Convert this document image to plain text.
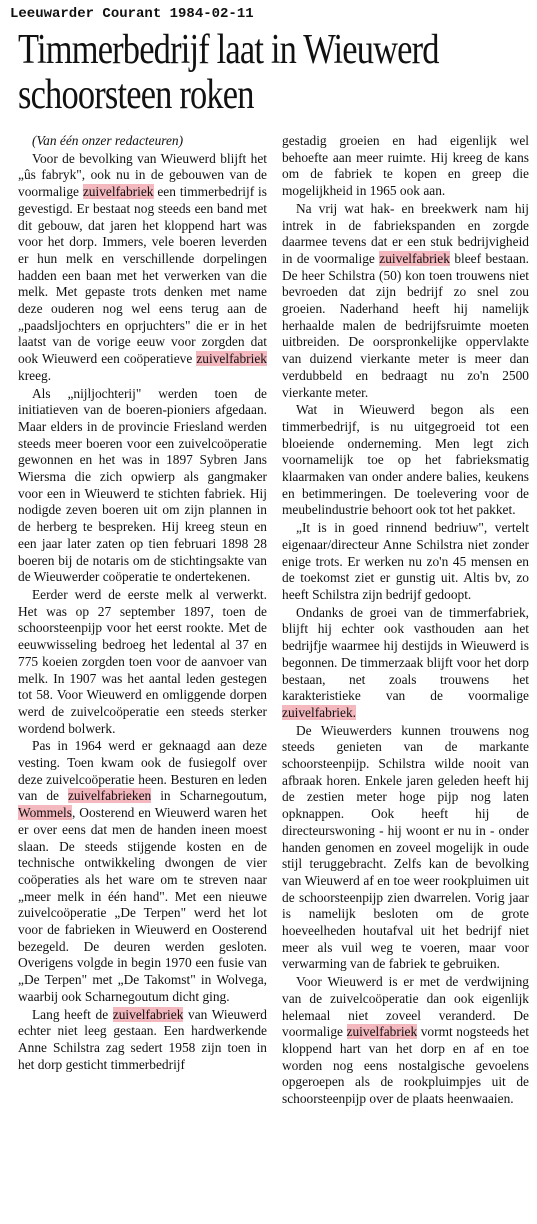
Leeuwarder Courant 1984-02-11
Timmerbedrijf laat in Wieuwerd schoorsteen roken

(Van één onzer redacteuren)

Voor de bevolking van Wieuwerd blijft het „ûs fabryk", ook nu in de gebouwen van de voormalige zuivelfabriek een timmerbedrijf is gevestigd. Er bestaat nog steeds een band met dit gebouw, dat jaren het kloppend hart was voor het dorp. Immers, vele boeren leverden er hun melk en verschillende dorpelingen hadden een baan met het verwerken van die melk. Met gepaste trots denken met name deze ouderen nog wel eens terug aan de „paadsljochters en oprjuchters" die er in het laatst van de vorige eeuw voor zorgden dat ook Wieuwerd een coöperatieve zuivelfabriek kreeg.

Als „nijljochterij" werden toen de initiatieven van de boeren-pioniers afgedaan. Maar elders in de provincie Friesland werden steeds meer boeren voor een zuivelcoöperatie gewonnen en het was in 1897 Sybren Jans Wiersma die zich opwierp als gangmaker voor een in Wieuwerd te stichten fabriek. Hij nodigde zeven boeren uit om zijn plannen in de herberg te bespreken. Hij kreeg steun en een jaar later zaten op tien februari 1898 28 boeren bij de notaris om de stichtingsakte van de Wieuwerder coöperatie te ondertekenen.

Eerder werd de eerste melk al verwerkt. Het was op 27 september 1897, toen de schoorsteenpijp voor het eerst rookte. Met de eeuwwisseling bedroeg het ledental al 37 en 775 koeien zorgden toen voor de aanvoer van melk. In 1907 was het aantal leden gestegen tot 58. Voor Wieuwerd en omliggende dorpen werd de zuivelcoöperatie een steeds sterker wordend bolwerk.

Pas in 1964 werd er geknaagd aan deze vesting. Toen kwam ook de fusiegolf over deze zuivelcoöperatie heen. Besturen en leden van de zuivelfabrieken in Scharnegoutum, Wommels, Oosterend en Wieuwerd waren het er over eens dat men de handen ineen moest slaan. De steeds stijgende kosten en de technische ontwikkeling dwongen de vier coöperaties als het ware om te streven naar „meer melk in één hand". Met een nieuwe zuivelcoöperatie „De Terpen" werd het lot voor de fabrieken in Wieuwerd en Oosterend bezegeld. De deuren werden gesloten. Overigens volgde in begin 1970 een fusie van „De Terpen" met „De Takomst" in Wolvega, waarbij ook Scharnegoutum dicht ging.

Lang heeft de zuivelfabriek van Wieuwerd echter niet leeg gestaan. Een hardwerkende Anne Schilstra zag sedert 1958 zijn toen in het dorp gesticht timmerbedrijf

gestadig groeien en had eigenlijk wel behoefte aan meer ruimte. Hij kreeg de kans om de fabriek te kopen en greep die mogelijkheid in 1965 ook aan.

Na vrij wat hak- en breekwerk nam hij intrek in de fabriekspanden en zorgde daarmee tevens dat er een stuk bedrijvigheid in de voormalige zuivelfabriek bleef bestaan. De heer Schilstra (50) kon toen trouwens niet bevroeden dat zijn bedrijf zo snel zou groeien. Naderhand heeft hij namelijk herhaalde malen de bedrijfsruimte moeten uitbreiden. De oorspronkelijke oppervlakte van duizend vierkante meter is meer dan verdubbeld en bedraagt nu zo'n 2500 vierkante meter.

Wat in Wieuwerd begon als een timmerbedrijf, is nu uitgegroeid tot een bloeiende onderneming. Men legt zich voornamelijk toe op het fabrieksmatig klaarmaken van onder andere balies, keukens en betimmeringen. De toelevering voor de meubelindustrie behoort ook tot het pakket.

„It is in goed rinnend bedriuw", vertelt eigenaar/directeur Anne Schilstra niet zonder enige trots. Er werken nu zo'n 45 mensen en de toekomst ziet er gunstig uit. Altis bv, zo heeft Schilstra zijn bedrijf gedoopt.

Ondanks de groei van de timmerfabriek, blijft hij echter ook vasthouden aan het bedrijfje waarmee hij destijds in Wieuwerd is begonnen. De timmerzaak blijft voor het dorp bestaan, net zoals trouwens het karakteristieke van de voormalige zuivelfabriek.

De Wieuwerders kunnen trouwens nog steeds genieten van de markante schoorsteenpijp. Schilstra wilde nooit van afbraak horen. Enkele jaren geleden heeft hij de zestien meter hoge pijp nog laten opknappen. Ook heeft hij de directeurswoning - hij woont er nu in - onder handen genomen en zoveel mogelijk in oude stijl teruggebracht. Zelfs kan de bevolking van Wieuwerd af en toe weer rookpluimen uit de schoorsteenpijp zien dwarrelen. Vorig jaar is namelijk besloten om de grote hoeveelheden houtafval uit het bedrijf niet meer als vuil weg te voeren, maar voor verwarming van de fabriek te gebruiken.

Voor Wieuwerd is er met de verdwijning van de zuivelcoöperatie dan ook eigenlijk helemaal niet zoveel veranderd. De voormalige zuivelfabriek vormt nogsteeds het kloppend hart van het dorp en af en toe worden nog eens nostalgische gevoelens opgeroepen als de rookpluimpjes uit de schoorsteenpijp over de plaats heenwaaien.
